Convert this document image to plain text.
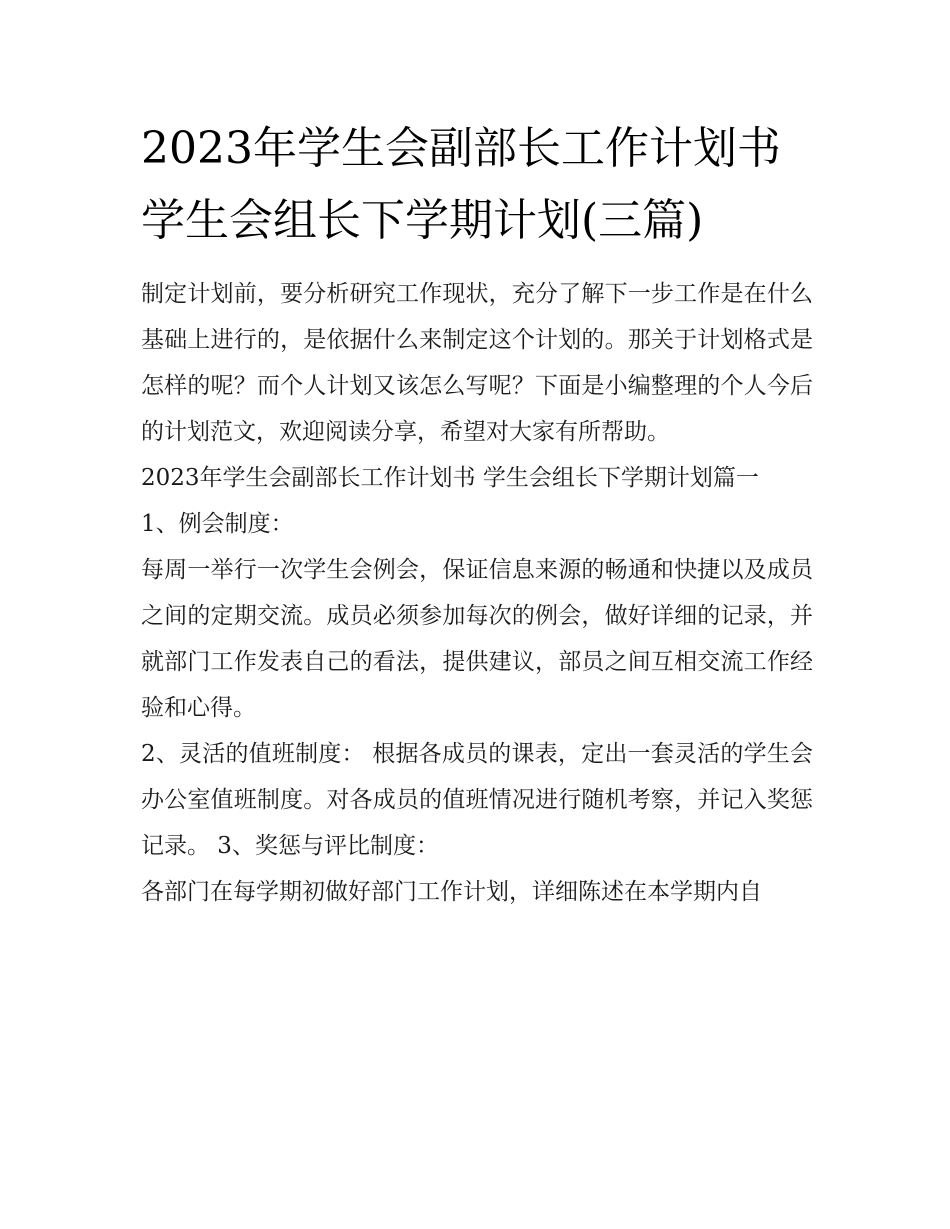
2023年学生会副部长工作计划书 学生会组长下学期计划(三篇)

制定计划前，要分析研究工作现状，充分了解下一步工作是在什么基础上进行的，是依据什么来制定这个计划的。那关于计划格式是怎样的呢？而个人计划又该怎么写呢？下面是小编整理的个人今后的计划范文，欢迎阅读分享，希望对大家有所帮助。

2023年学生会副部长工作计划书 学生会组长下学期计划篇一

1、例会制度：

每周一举行一次学生会例会，保证信息来源的畅通和快捷以及成员之间的定期交流。成员必须参加每次的例会，做好详细的记录，并就部门工作发表自己的看法，提供建议，部员之间互相交流工作经验和心得。

2、灵活的值班制度： 根据各成员的课表，定出一套灵活的学生会办公室值班制度。对各成员的值班情况进行随机考察，并记入奖惩记录。 3、奖惩与评比制度：

各部门在每学期初做好部门工作计划，详细陈述在本学期内自
